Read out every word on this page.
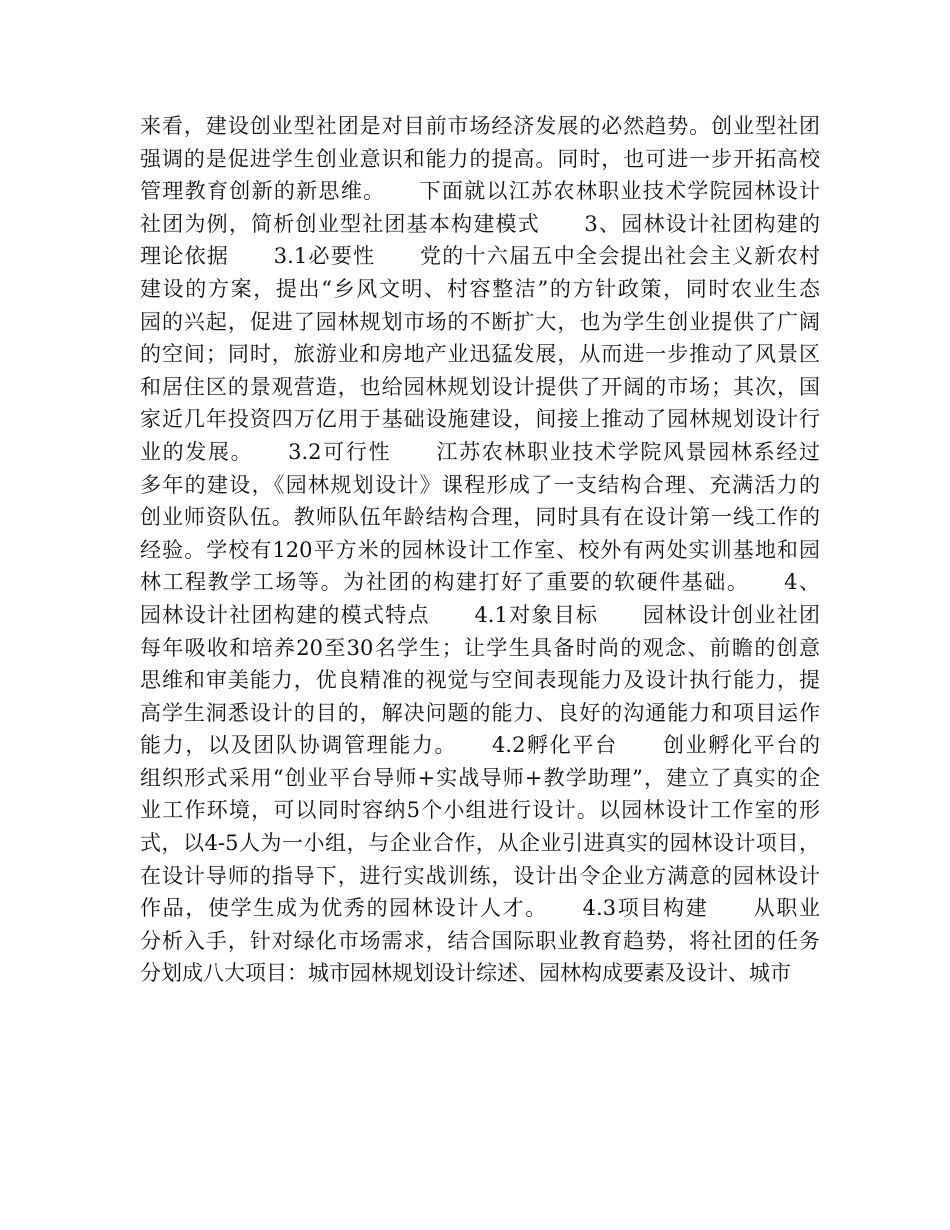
来看，建设创业型社团是对目前市场经济发展的必然趋势。创业型社团
强调的是促进学生创业意识和能力的提高。同时，也可进一步开拓高校
管理教育创新的新思维。　　下面就以江苏农林职业技术学院园林设计
社团为例，简析创业型社团基本构建模式　　3、园林设计社团构建的
理论依据　　3.1必要性　　党的十六届五中全会提出社会主义新农村
建设的方案，提出“乡风文明、村容整洁”的方针政策，同时农业生态
园的兴起，促进了园林规划市场的不断扩大，也为学生创业提供了广阔
的空间；同时，旅游业和房地产业迅猛发展，从而进一步推动了风景区
和居住区的景观营造，也给园林规划设计提供了开阔的市场；其次，国
家近几年投资四万亿用于基础设施建设，间接上推动了园林规划设计行
业的发展。　　3.2可行性　　江苏农林职业技术学院风景园林系经过
多年的建设，《园林规划设计》课程形成了一支结构合理、充满活力的
创业师资队伍。教师队伍年龄结构合理，同时具有在设计第一线工作的
经验。学校有120平方米的园林设计工作室、校外有两处实训基地和园
林工程教学工场等。为社团的构建打好了重要的软硬件基础。　　4、
园林设计社团构建的模式特点　　4.1对象目标　　园林设计创业社团
每年吸收和培养20至30名学生；让学生具备时尚的观念、前瞻的创意
思维和审美能力，优良精准的视觉与空间表现能力及设计执行能力，提
高学生洞悉设计的目的，解决问题的能力、良好的沟通能力和项目运作
能力，以及团队协调管理能力。　　4.2孵化平台　　创业孵化平台的
组织形式采用“创业平台导师+实战导师+教学助理”，建立了真实的企
业工作环境，可以同时容纳5个小组进行设计。以园林设计工作室的形
式，以4-5人为一小组，与企业合作，从企业引进真实的园林设计项目，
在设计导师的指导下，进行实战训练，设计出令企业方满意的园林设计
作品，使学生成为优秀的园林设计人才。　　4.3项目构建　　从职业
分析入手，针对绿化市场需求，结合国际职业教育趋势，将社团的任务
分划成八大项目：城市园林规划设计综述、园林构成要素及设计、城市
